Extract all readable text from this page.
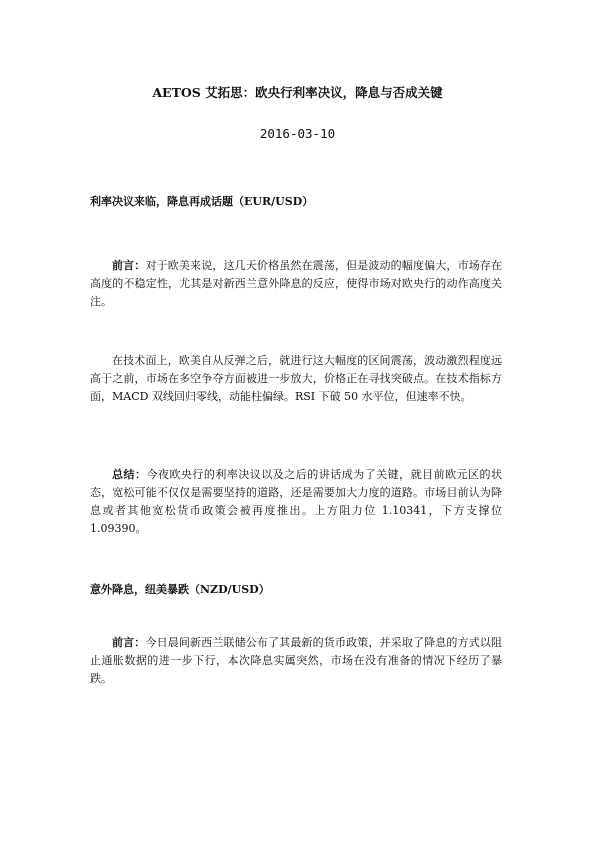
AETOS 艾拓思：欧央行利率决议，降息与否成关键
2016-03-10
利率决议来临，降息再成话题（EUR/USD）

前言：对于欧美来说，这几天价格虽然在震荡，但是波动的幅度偏大，市场存在高度的不稳定性，尤其是对新西兰意外降息的反应，使得市场对欧央行的动作高度关注。

在技术面上，欧美自从反弹之后，就进行这大幅度的区间震荡，波动激烈程度远高于之前，市场在多空争夺方面被进一步放大，价格正在寻找突破点。在技术指标方面，MACD 双线回归零线，动能柱偏绿。RSI 下破 50 水平位，但速率不快。

总结：今夜欧央行的利率决议以及之后的讲话成为了关键，就目前欧元区的状态，宽松可能不仅仅是需要坚持的道路，还是需要加大力度的道路。市场目前认为降息或者其他宽松货币政策会被再度推出。上方阻力位 1.10341，下方支撑位 1.09390。

意外降息，纽美暴跌（NZD/USD）

前言：今日晨间新西兰联储公布了其最新的货币政策，并采取了降息的方式以阻止通胀数据的进一步下行，本次降息实属突然，市场在没有准备的情况下经历了暴跌。
